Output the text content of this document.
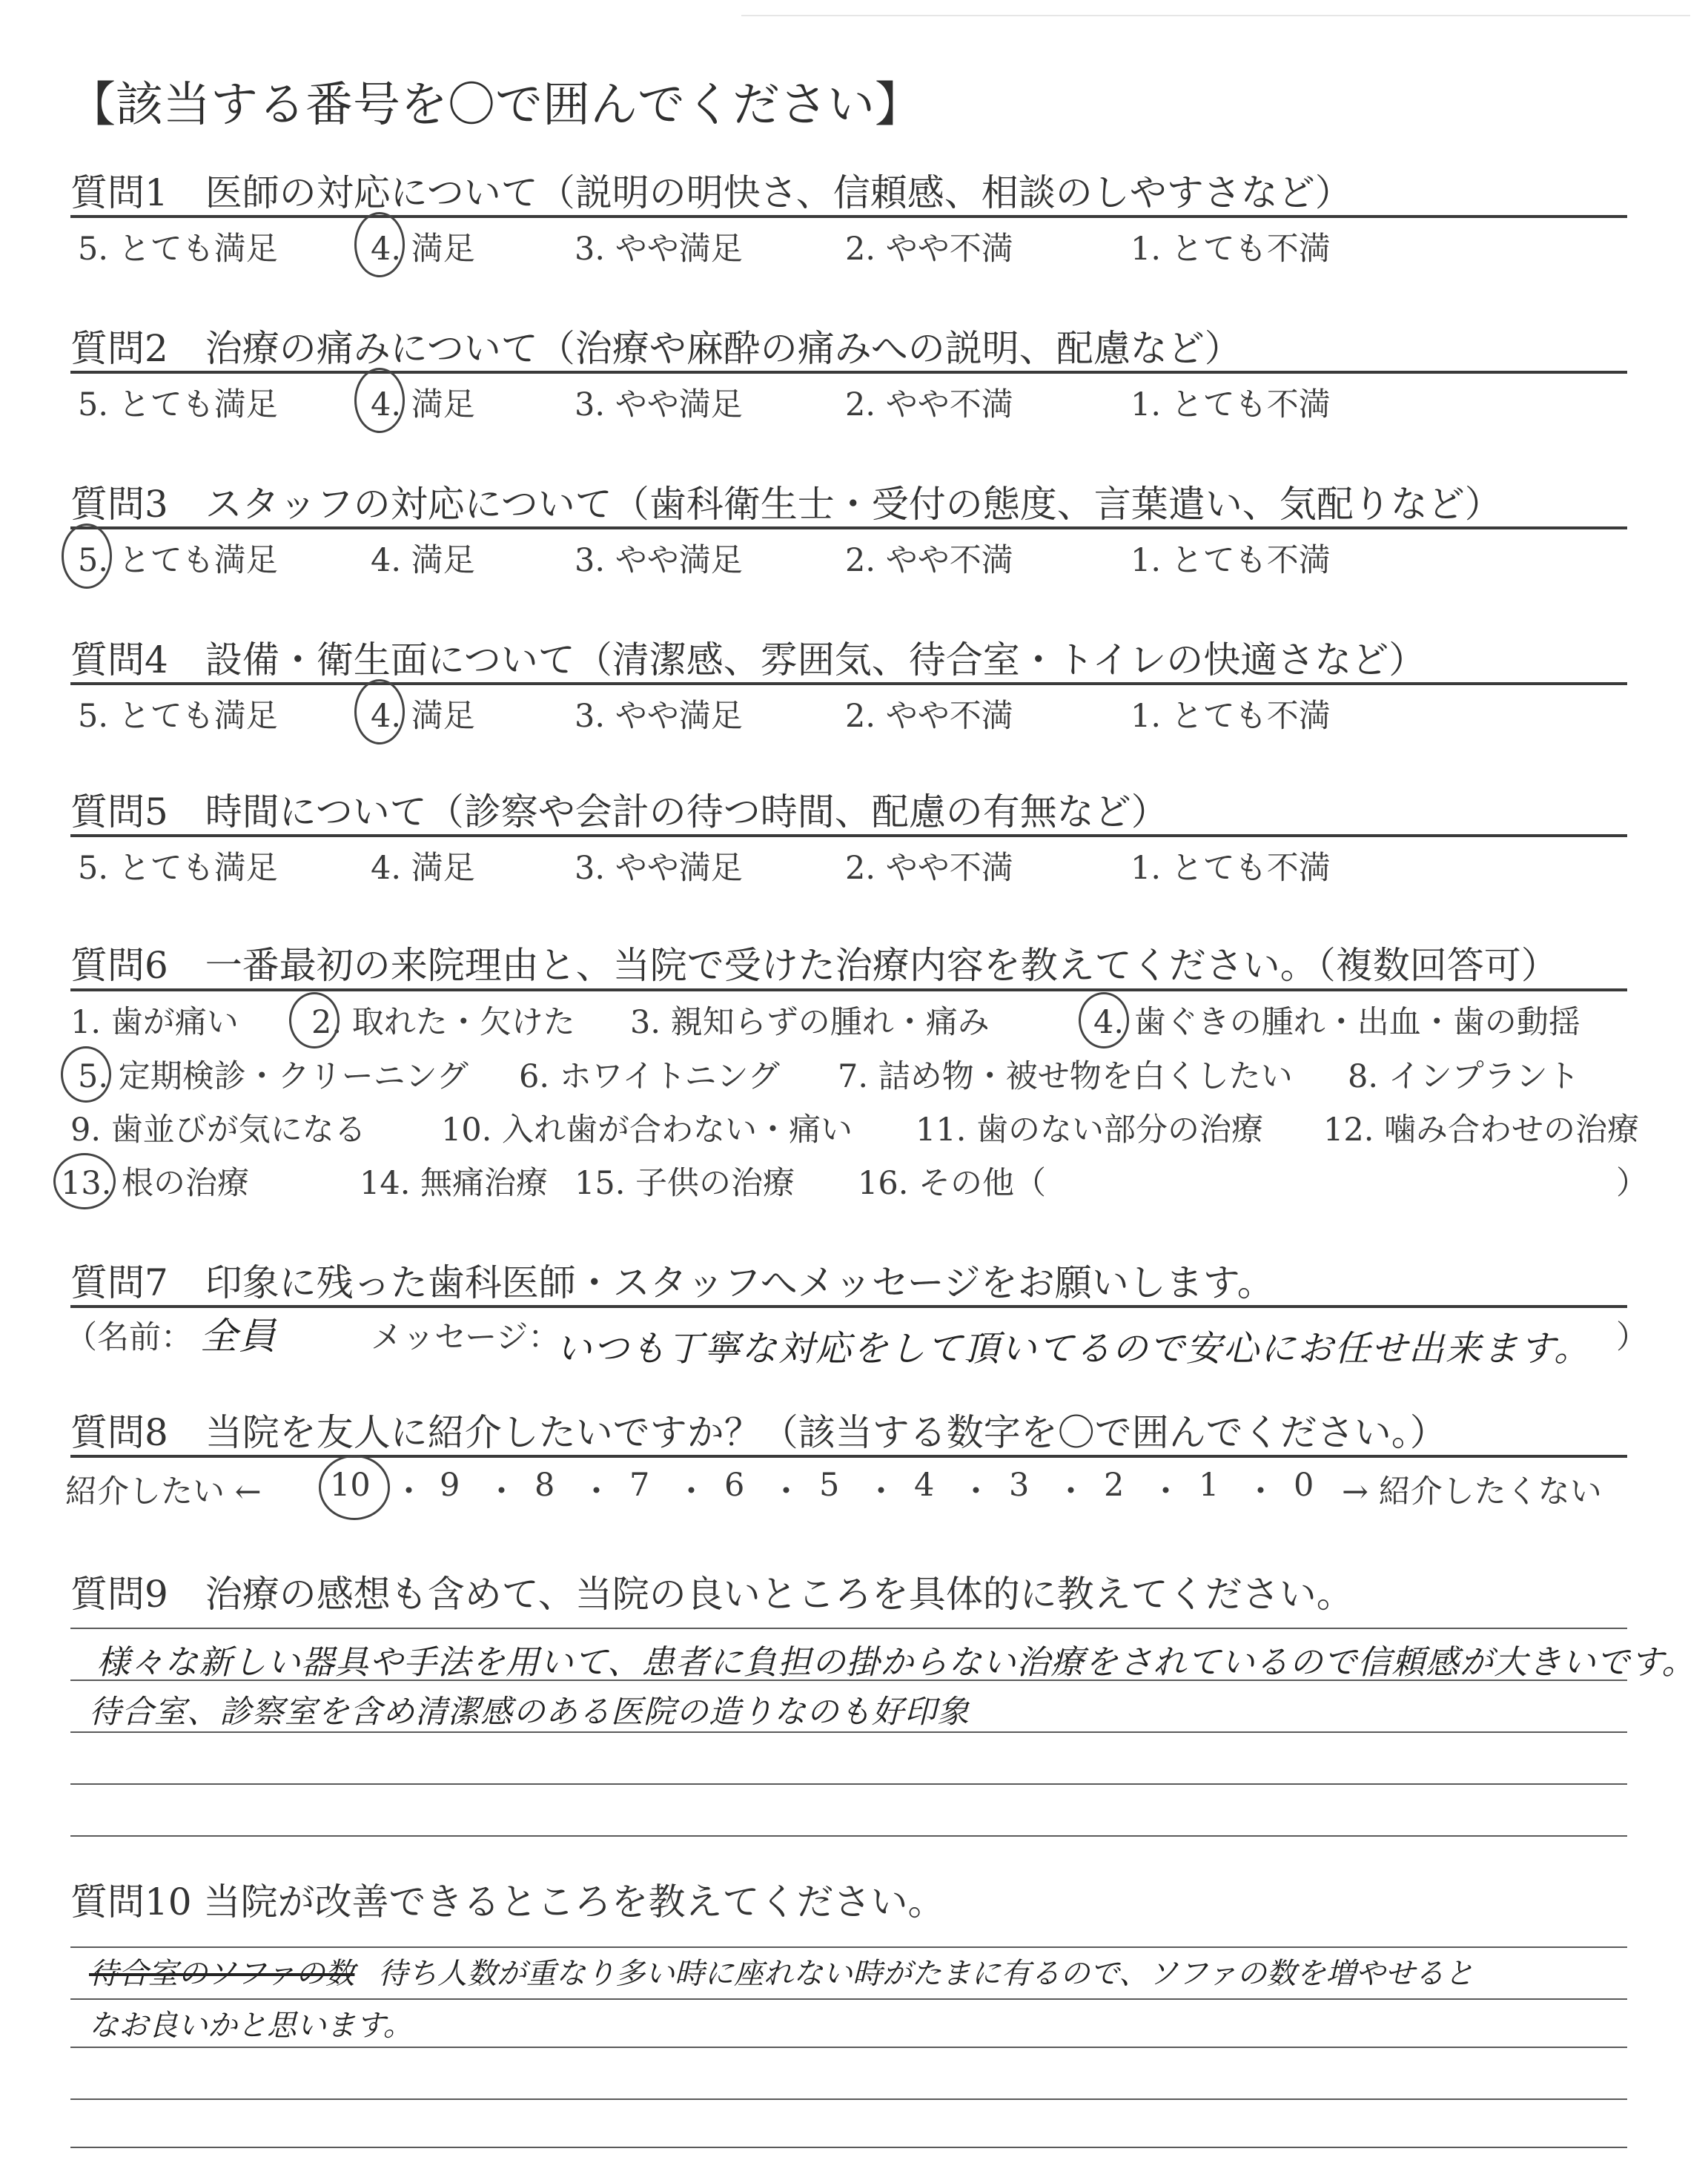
【該当する番号を〇で囲んでください】
質問1　医師の対応について（説明の明快さ、信頼感、相談のしやすさなど）
5. とても満足	4. 満足	3. やや満足	2. やや不満	1. とても不満
質問2　治療の痛みについて（治療や麻酔の痛みへの説明、配慮など）
5. とても満足	4. 満足	3. やや満足	2. やや不満	1. とても不満
質問3　スタッフの対応について（歯科衛生士・受付の態度、言葉遣い、気配りなど）
5. とても満足	4. 満足	3. やや満足	2. やや不満	1. とても不満
質問4　設備・衛生面について（清潔感、雰囲気、待合室・トイレの快適さなど）
5. とても満足	4. 満足	3. やや満足	2. やや不満	1. とても不満
質問5　時間について（診察や会計の待つ時間、配慮の有無など）
5. とても満足	4. 満足	3. やや満足	2. やや不満	1. とても不満
質問6　一番最初の来院理由と、当院で受けた治療内容を教えてください。（複数回答可）
1. 歯が痛い 2. 取れた・欠けた 3. 親知らずの腫れ・痛み	4. 歯ぐきの腫れ・出血・歯の動揺
5. 定期検診・クリーニング 6. ホワイトニング 7. 詰め物・被せ物を白くしたい 8. インプラント
9. 歯並びが気になる 10. 入れ歯が合わない・痛い 11. 歯のない部分の治療 12. 噛み合わせの治療
13. 根の治療	14. 無痛治療 15. 子供の治療 16. その他（	）
質問7　印象に残った歯科医師・スタッフへメッセージをお願いします。
（名前： 全員	メッセージ：
いつも丁寧な対応をして頂いてるので安心にお任せ出来ます。 ）
質問8　当院を友人に紹介したいですか？（該当する数字を〇で囲んでください。）
紹介したい ← 10 ・ 9 ・ 8 ・ 7 ・ 6 ・ 5 ・ 4 ・ 3 ・ 2 ・ 1 ・ 0 → 紹介したくない
質問9　治療の感想も含めて、当院の良いところを具体的に教えてください。
様々な新しい器具や手法を用いて、患者に負担の掛からない治療をされているので信頼感が大きいです。
待合室、診察室を含め清潔感のある医院の造りなのも好印象
質問10 当院が改善できるところを教えてください。
待合室のソファの数 待ち人数が重なり多い時に座れない時がたまに有るので、ソファの数を増やせると
なお良いかと思います。
